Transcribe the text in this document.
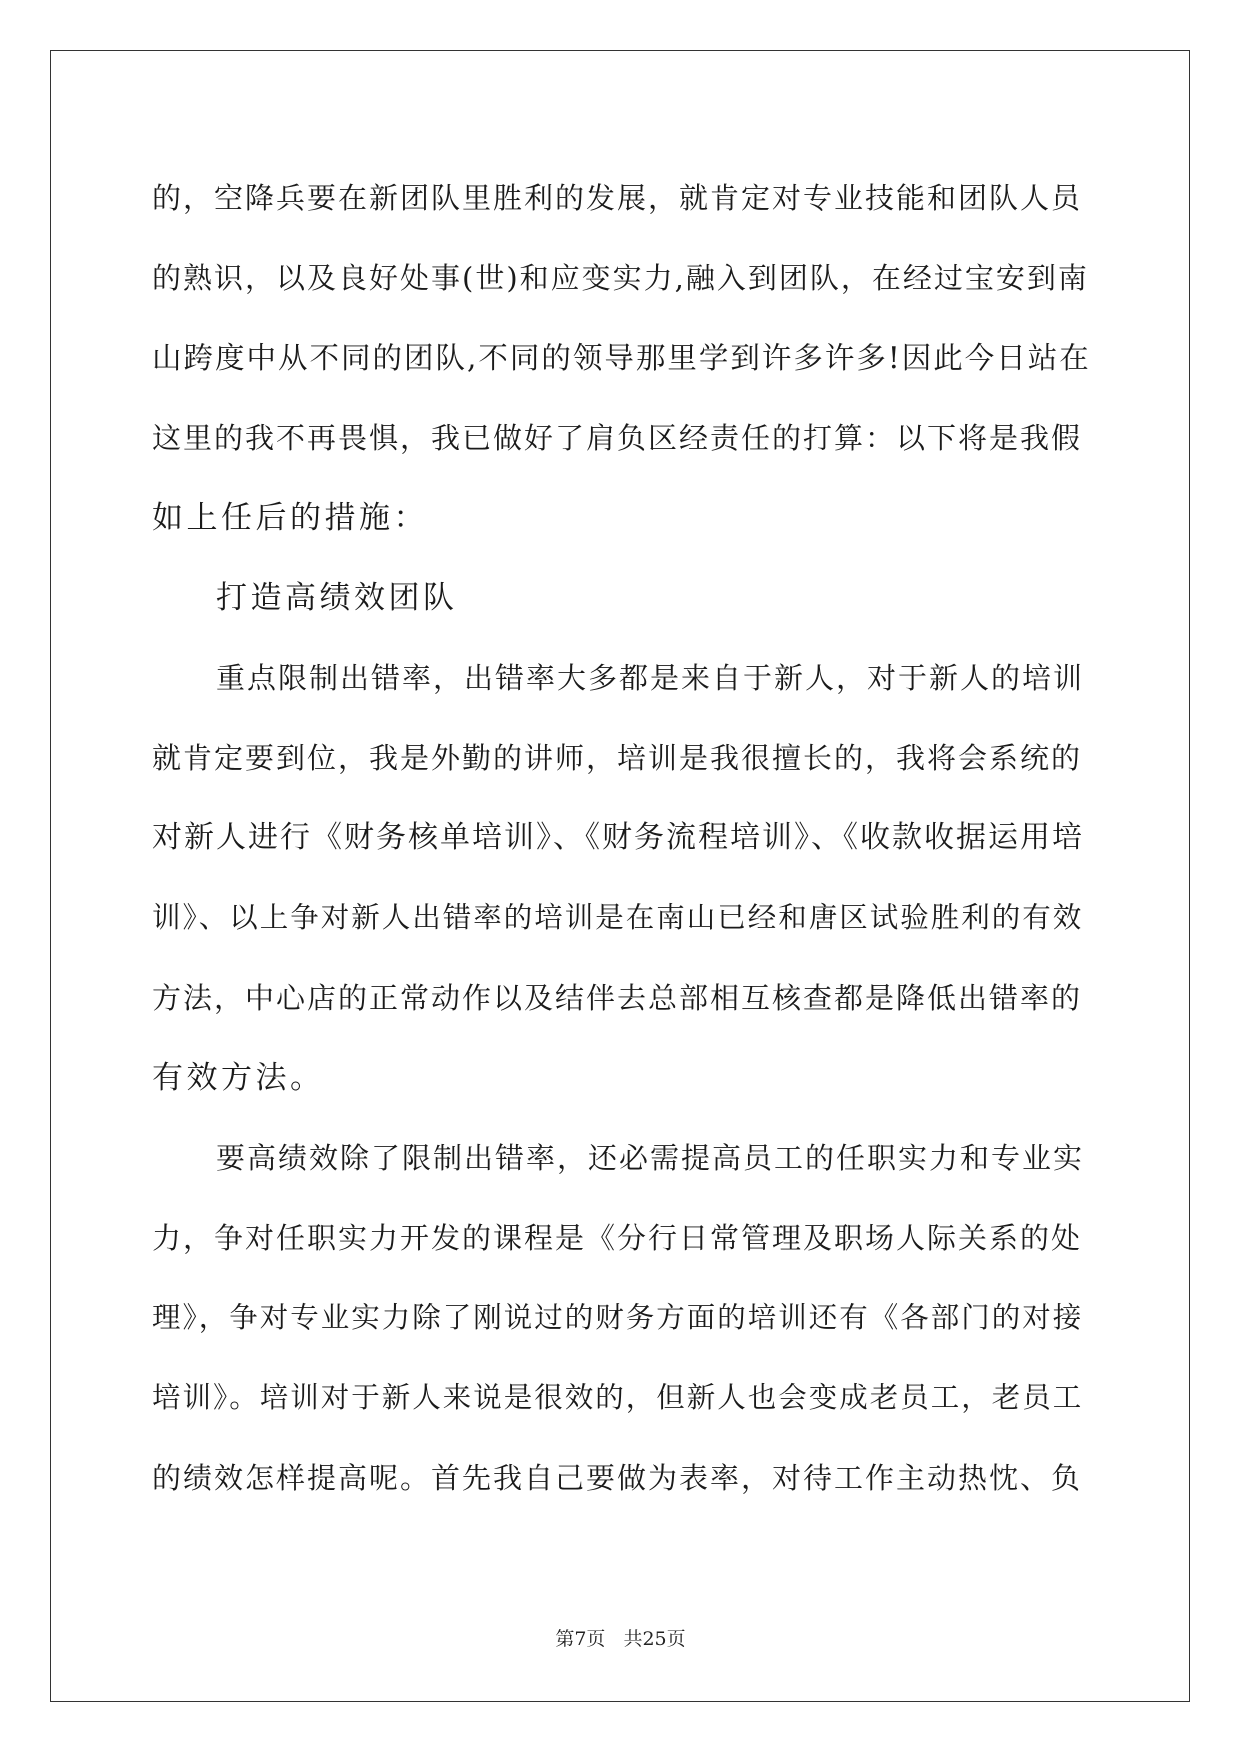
的，空降兵要在新团队里胜利的发展，就肯定对专业技能和团队人员
的熟识，以及良好处事(世)和应变实力,融入到团队，在经过宝安到南
山跨度中从不同的团队,不同的领导那里学到许多许多!因此今日站在
这里的我不再畏惧，我已做好了肩负区经责任的打算：以下将是我假
如上任后的措施：
打造高绩效团队
重点限制出错率，出错率大多都是来自于新人，对于新人的培训
就肯定要到位，我是外勤的讲师，培训是我很擅长的，我将会系统的
对新人进行《财务核单培训》、《财务流程培训》、《收款收据运用培
训》、以上争对新人出错率的培训是在南山已经和唐区试验胜利的有效
方法，中心店的正常动作以及结伴去总部相互核查都是降低出错率的
有效方法。
要高绩效除了限制出错率，还必需提高员工的任职实力和专业实
力，争对任职实力开发的课程是《分行日常管理及职场人际关系的处
理》，争对专业实力除了刚说过的财务方面的培训还有《各部门的对接
培训》。培训对于新人来说是很效的，但新人也会变成老员工，老员工
的绩效怎样提高呢。首先我自己要做为表率，对待工作主动热忱、负
第7页 共25页
